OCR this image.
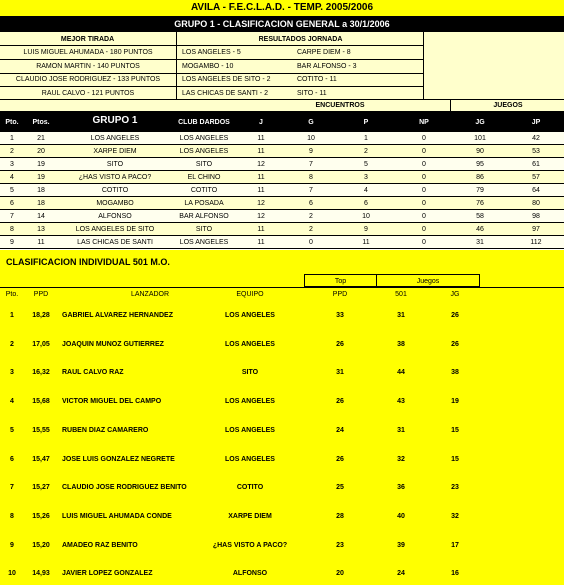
AVILA - F.E.C.L.A.D. - TEMP. 2005/2006
GRUPO 1 - CLASIFICACIÓN GENERAL a 30/1/2006
MEJOR TIRADA	RESULTADOS JORNADA
LUIS MIGUEL AHUMADA - 180 PUNTOS	LOS ANGELES - 5	CARPE DIEM - 8
RAMÓN MARTÍN - 140 PUNTOS	MOGAMBO - 10	BAR ALFONSO - 3
CLAUDIO JOSÉ RODRÍGUEZ - 133 PUNTOS	LOS ANGELES DE SITO - 2	COTITO - 11
RAÚL CALVO - 121 PUNTOS	LAS CHICAS DE SANTI - 2	SITO - 11
ENCUENTROS	JUEGOS
Pto.	Ptos.	GRUPO 1	CLUB DARDOS	J	G	P	NP	JG	JP
1	21	LOS ANGELES	LOS ANGELES	11	10	1	0	101	42
2	20	XARPE DIEM	LOS ANGELES	11	9	2	0	90	53
3	19	SITO	SITO	12	7	5	0	95	61
4	19	¿HAS VISTO A PACO?	EL CHINO	11	8	3	0	86	57
5	18	COTITO	COTITO	11	7	4	0	79	64
6	18	MOGAMBO	LA POSADA	12	6	6	0	76	80
7	14	ALFONSO	BAR ALFONSO	12	2	10	0	58	98
8	13	LOS ANGELES DE SITO	SITO	11	2	9	0	46	97
9	11	LAS CHICAS DE SANTI	LOS ANGELES	11	0	11	0	31	112
CLASIFICACIÓN INDIVIDUAL 501 M.O.
Top	Juegos
Pto.	PPD	LANZADOR	EQUIPO	PPD	501	JG
1	18,28	GABRIEL ALVAREZ HERNANDEZ	LOS ANGELES	33	31	26
2	17,05	JOAQUIN MUÑOZ GUTIERREZ	LOS ANGELES	26	38	26
3	16,32	RAÚL CALVO RAZ	SITO	31	44	38
4	15,68	VICTOR MIGUEL DEL CAMPO	LOS ANGELES	26	43	19
5	15,55	RUBEN DIAZ CAMARERO	LOS ANGELES	24	31	15
6	15,47	JOSE LUIS GONZALEZ NEGRETE	LOS ANGELES	26	32	15
7	15,27	CLAUDIO JOSE RODRIGUEZ BENITO	COTITO	25	36	23
8	15,26	LUIS MIGUEL AHUMADA CONDE	XARPE DIEM	28	40	32
9	15,20	AMADEO RAZ BENITO	¿HAS VISTO A PACO?	23	39	17
10	14,93	JAVIER LOPEZ GONZALEZ	ALFONSO	20	24	16
